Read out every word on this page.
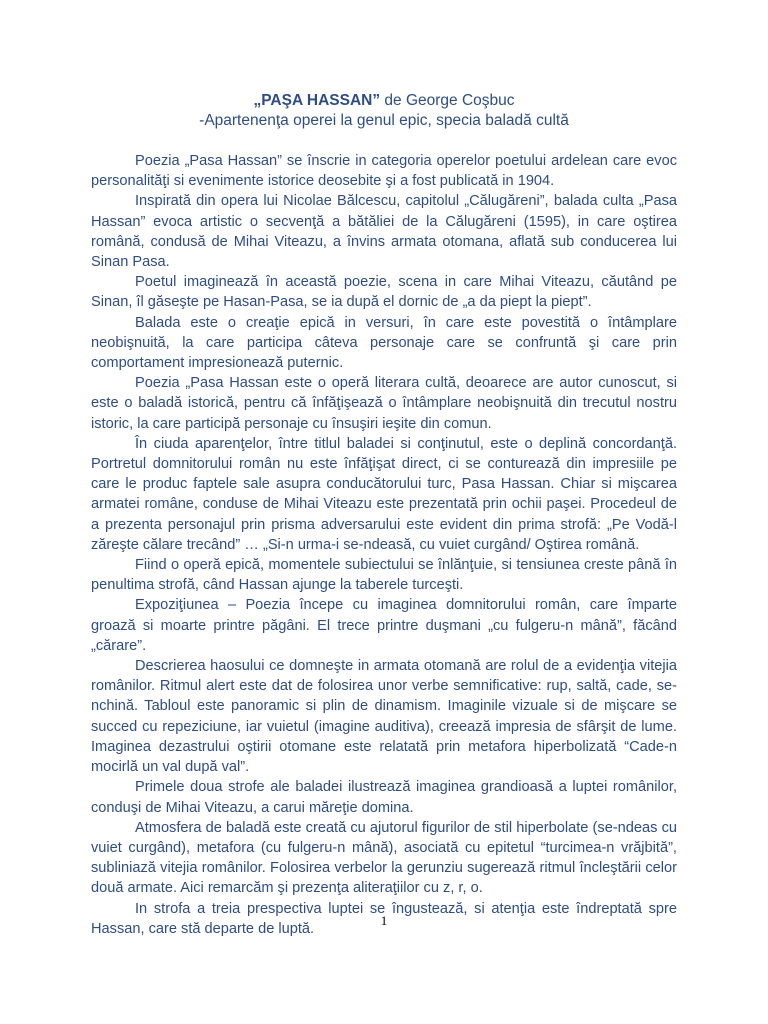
„PAŞA HASSAN” de George Coşbuc
-Apartenenţa operei la genul epic, specia baladă cultă

Poezia „Pasa Hassan” se înscrie in categoria operelor poetului ardelean care evoc personalităţi si evenimente istorice deosebite şi a fost publicată in 1904.

Inspirată din opera lui Nicolae Bălcescu, capitolul „Călugăreni”, balada culta „Pasa Hassan” evoca artistic o secvenţă a bătăliei de la Călugăreni (1595), in care oştirea română, condusă de Mihai Viteazu, a învins armata otomana, aflată sub conducerea lui Sinan Pasa.

Poetul imaginează în această poezie, scena in care Mihai Viteazu, căutând pe Sinan, îl găseşte pe Hasan-Pasa, se ia după el dornic de „a da piept la piept”.

Balada este o creaţie epică in versuri, în care este povestită o întâmplare neobişnuită, la care participa câteva personaje care se confruntă şi care prin comportament impresionează puternic.

Poezia „Pasa Hassan este o operă literara cultă, deoarece are autor cunoscut, si este o baladă istorică, pentru că înfăţişează o întâmplare neobişnuită din trecutul nostru istoric, la care participă personaje cu însuşiri ieşite din comun.

În ciuda aparenţelor, între titlul baladei si conţinutul, este o deplină concordanţă. Portretul domnitorului român nu este înfăţişat direct, ci se conturează din impresiile pe care le produc faptele sale asupra conducătorului turc, Pasa Hassan. Chiar si mişcarea armatei române, conduse de Mihai Viteazu este prezentată prin ochii paşei. Procedeul de a prezenta personajul prin prisma adversarului este evident din prima strofă: „Pe Vodă-l zăreşte călare trecând” … „Si-n urma-i se-ndeasă, cu vuiet curgând/ Oştirea română.

Fiind o operă epică, momentele subiectului se înlănţuie, si tensiunea creste până în penultima strofă, când Hassan ajunge la taberele turceşti.

Expoziţiunea – Poezia începe cu imaginea domnitorului român, care împarte groază si moarte printre păgâni. El trece printre duşmani „cu fulgeru-n mână”, făcând „cărare”.

Descrierea haosului ce domneşte in armata otomană are rolul de a evidenţia vitejia românilor. Ritmul alert este dat de folosirea unor verbe semnificative: rup, saltă, cade, se-nchină. Tabloul este panoramic si plin de dinamism. Imaginile vizuale si de mişcare se succed cu repeziciune, iar vuietul (imagine auditiva), creează impresia de sfârşit de lume. Imaginea dezastrului oştirii otomane este relatată prin metafora hiperbolizată “Cade-n mocirlă un val după val”.

Primele doua strofe ale baladei ilustrează imaginea grandioasă a luptei românilor, conduşi de Mihai Viteazu, a carui măreţie domina.

Atmosfera de baladă este creată cu ajutorul figurilor de stil hiperbolate (se-ndeas cu vuiet curgând), metafora (cu fulgeru-n mână), asociată cu epitetul “turcimea-n vrăjbită”, subliniază vitejia românilor. Folosirea verbelor la gerunziu sugerează ritmul încleştării celor două armate. Aici remarcăm şi prezenţa aliteraţiilor cu z, r, o.

In strofa a treia prespectiva luptei se îngustează, si atenţia este îndreptată spre Hassan, care stă departe de luptă.

1
